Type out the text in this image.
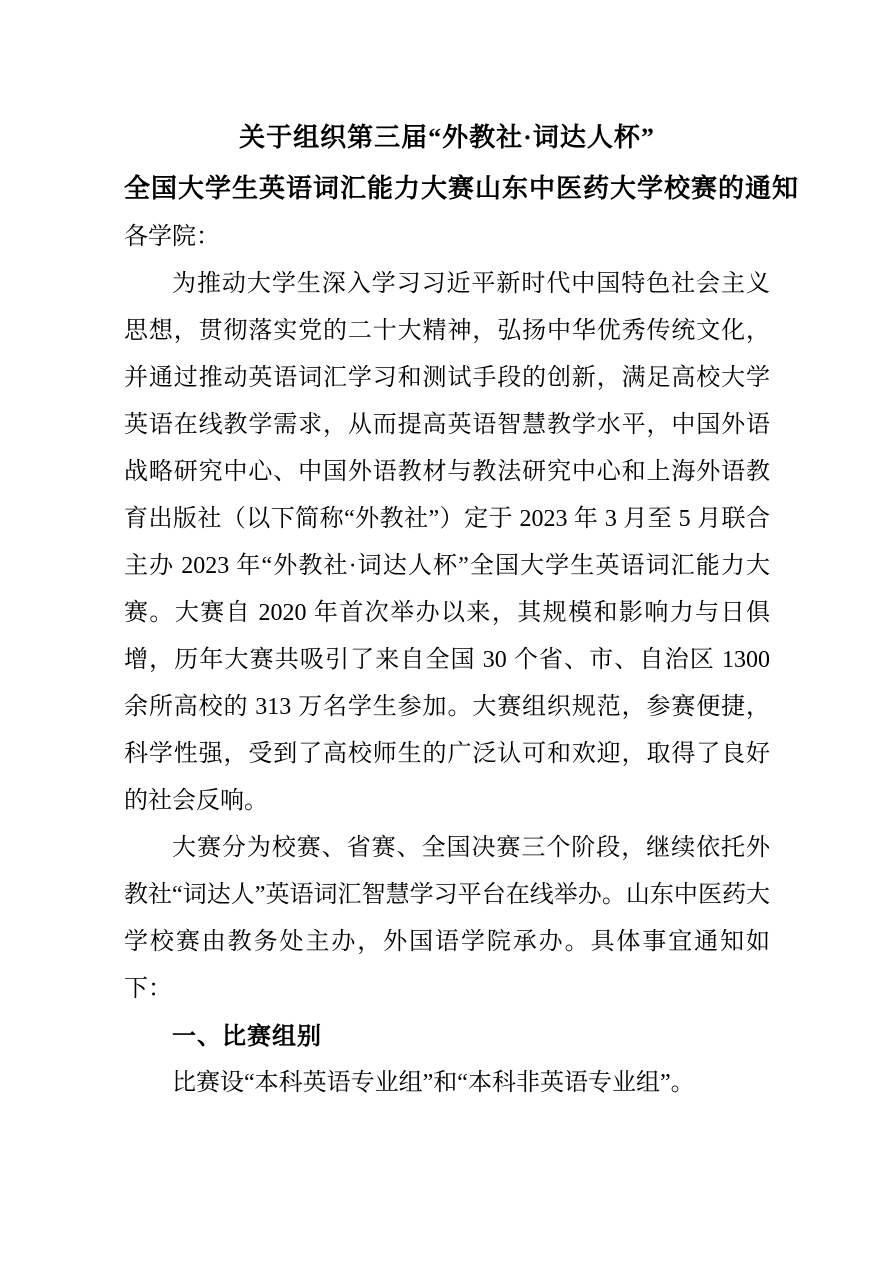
关于组织第三届“外教社·词达人杯”
全国大学生英语词汇能力大赛山东中医药大学校赛的通知

各学院：

为推动大学生深入学习习近平新时代中国特色社会主义思想，贯彻落实党的二十大精神，弘扬中华优秀传统文化，并通过推动英语词汇学习和测试手段的创新，满足高校大学英语在线教学需求，从而提高英语智慧教学水平，中国外语战略研究中心、中国外语教材与教法研究中心和上海外语教育出版社（以下简称“外教社”）定于 2023 年 3 月至 5 月联合主办 2023 年“外教社·词达人杯”全国大学生英语词汇能力大赛。大赛自 2020 年首次举办以来，其规模和影响力与日俱增，历年大赛共吸引了来自全国 30 个省、市、自治区 1300 余所高校的 313 万名学生参加。大赛组织规范，参赛便捷，科学性强，受到了高校师生的广泛认可和欢迎，取得了良好的社会反响。

大赛分为校赛、省赛、全国决赛三个阶段，继续依托外教社“词达人”英语词汇智慧学习平台在线举办。山东中医药大学校赛由教务处主办，外国语学院承办。具体事宜通知如下：

一、比赛组别

比赛设“本科英语专业组”和“本科非英语专业组”。
